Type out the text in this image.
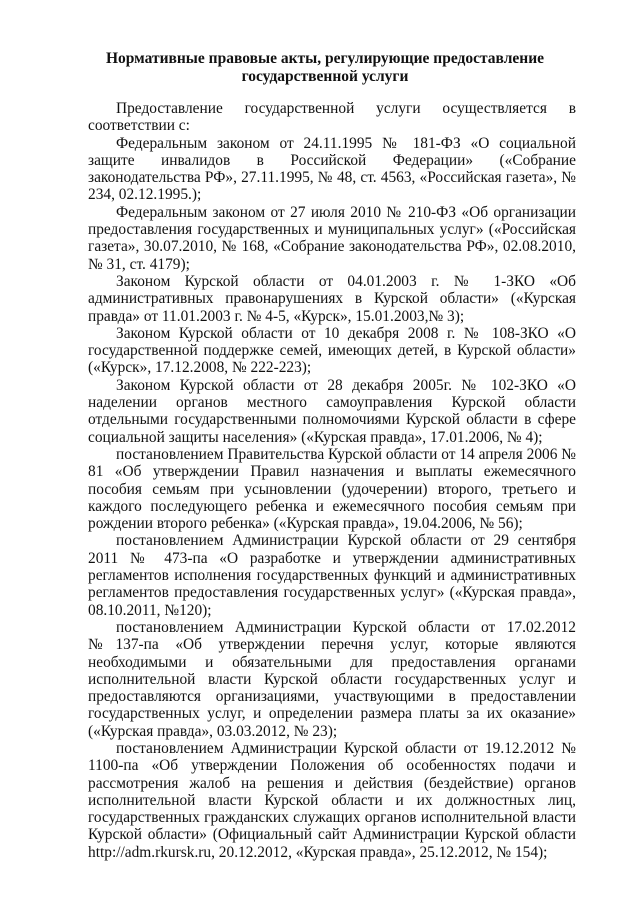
Нормативные правовые акты, регулирующие предоставление
государственной услуги

Предоставление государственной услуги осуществляется в соответствии с:

Федеральным законом от 24.11.1995 № 181-ФЗ «О социальной защите инвалидов в Российской Федерации» («Собрание законодательства РФ», 27.11.1995, № 48, ст. 4563, «Российская газета», № 234, 02.12.1995.);

Федеральным законом от 27 июля 2010 № 210-ФЗ «Об организации предоставления государственных и муниципальных услуг» («Российская газета», 30.07.2010, № 168, «Собрание законодательства РФ», 02.08.2010, № 31, ст. 4179);

Законом Курской области от 04.01.2003 г. № 1-ЗКО «Об административных правонарушениях в Курской области» («Курская правда» от 11.01.2003 г. № 4-5, «Курск», 15.01.2003,№ 3);

Законом Курской области от 10 декабря 2008 г. № 108-ЗКО «О государственной поддержке семей, имеющих детей, в Курской области» («Курск», 17.12.2008, № 222-223);

Законом Курской области от 28 декабря 2005г. № 102-ЗКО «О наделении органов местного самоуправления Курской области отдельными государственными полномочиями Курской области в сфере социальной защиты населения» («Курская правда», 17.01.2006, № 4);

постановлением Правительства Курской области от 14 апреля 2006 № 81 «Об утверждении Правил назначения и выплаты ежемесячного пособия семьям при усыновлении (удочерении) второго, третьего и каждого последующего ребенка и ежемесячного пособия семьям при рождении второго ребенка» («Курская правда», 19.04.2006, № 56);

постановлением Администрации Курской области от 29 сентября 2011 № 473-па «О разработке и утверждении административных регламентов исполнения государственных функций и административных регламентов предоставления государственных услуг» («Курская правда», 08.10.2011, №120);

постановлением Администрации Курской области от 17.02.2012 №137-па «Об утверждении перечня услуг, которые являются необходимыми и обязательными для предоставления органами исполнительной власти Курской области государственных услуг и предоставляются организациями, участвующими в предоставлении государственных услуг, и определении размера платы за их оказание» («Курская правда», 03.03.2012, № 23);

постановлением Администрации Курской области от 19.12.2012 № 1100-па «Об утверждении Положения об особенностях подачи и рассмотрения жалоб на решения и действия (бездействие) органов исполнительной власти Курской области и их должностных лиц, государственных гражданских служащих органов исполнительной власти Курской области» (Официальный сайт Администрации Курской области http://adm.rkursk.ru, 20.12.2012, «Курская правда», 25.12.2012, № 154);
